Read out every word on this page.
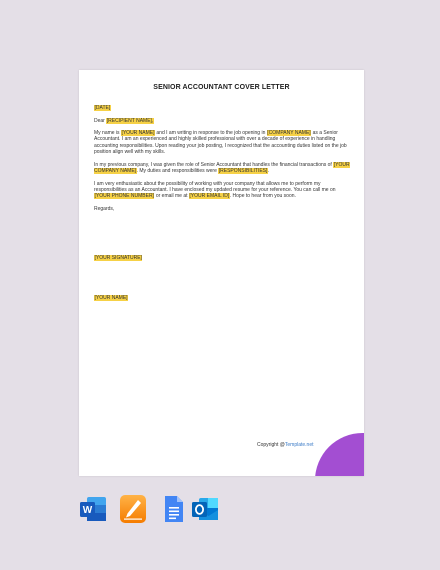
SENIOR ACCOUNTANT COVER LETTER

[DATE]

Dear [RECIPIENT NAME],

My name is [YOUR NAME] and I am writing in response to the job opening in [COMPANY NAME] as a Senior Accountant. I am an experienced and highly skilled professional with over a decade of experience in handling accounting responsibilities. Upon reading your job posting, I recognized that the accounting duties listed on the job position align well with my skills.

In my previous company, I was given the role of Senior Accountant that handles the financial transactions of [YOUR COMPANY NAME]. My duties and responsibilities were [RESPONSIBILITIES].

I am very enthusiastic about the possibility of working with your company that allows me to perform my responsibilities as an Accountant. I have enclosed my updated resume for your reference. You can call me on [YOUR PHONE NUMBER] or email me at [YOUR EMAIL ID]. Hope to hear from you soon.

Regards,

[YOUR SIGNATURE]
[YOUR NAME]
Copyright @Template.net
W
